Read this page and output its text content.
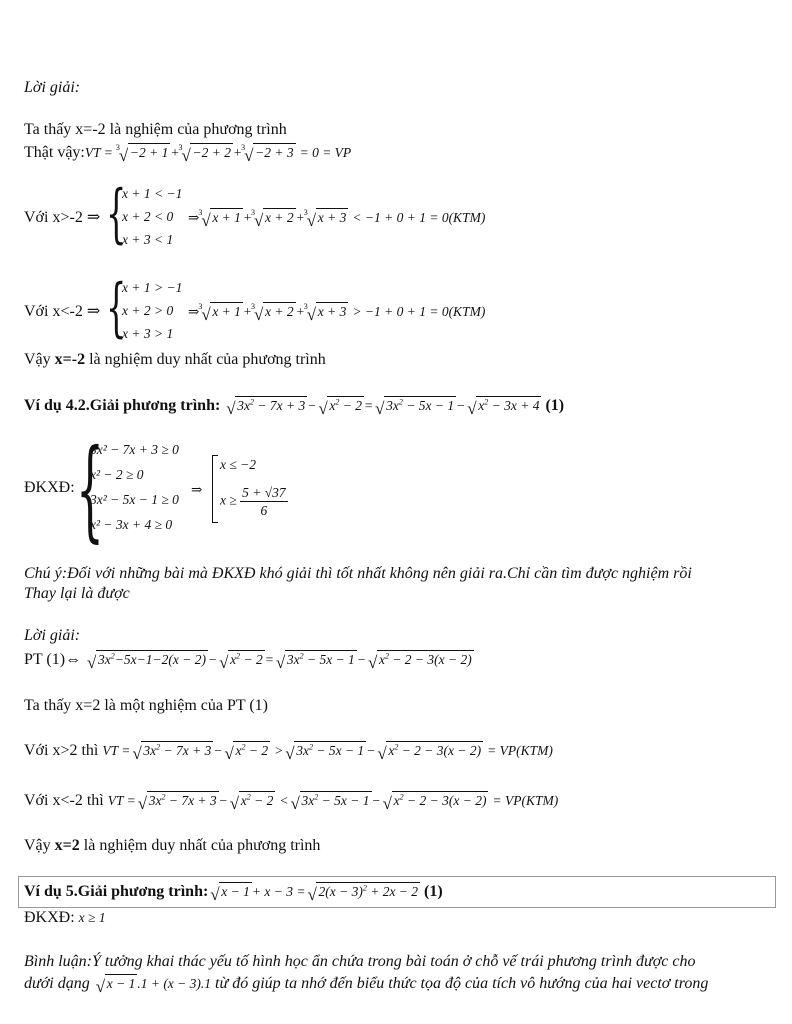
Lời giải:
Ta thấy x=-2 là nghiệm của phương trình
Thật vậy:VT = 3 √ −2 + 1 + 3 √ −2 + 2 + 3 √ −2 + 3 = 0 = VP
Với x>-2 ⇒ {
x + 1 < −1
x + 2 < 0
x + 3 < 1
⇒ 3 √ x + 1 + 3 √ x + 2 + 3 √ x + 3 < −1 + 0 + 1 = 0(KTM)
Với x<-2 ⇒ {
x + 1 > −1
x + 2 > 0
x + 3 > 1
⇒ 3 √ x + 1 + 3 √ x + 2 + 3 √ x + 3 > −1 + 0 + 1 = 0(KTM)
Vậy x=-2 là nghiệm duy nhất của phương trình
Ví dụ 4.2.Giải phương trình: √ $3x^2 - 7x + 3$ − √ $x^2 - 2$ = √ $3x^2 - 5x - 1$ − √ $x^2 - 3x + 4$ (1)
ĐKXĐ: {
3x² − 7x + 3 ≥ 0
x² − 2 ≥ 0
3x² − 5x − 1 ≥ 0
x² − 3x + 4 ≥ 0
⇒
x ≤ −2
$x \ge \frac{5 + √37}{6}$
Chú ý:Đối với những bài mà ĐKXĐ khó giải thì tốt nhất không nên giải ra.Chỉ cần tìm được nghiệm rồi
Thay lại là được
Lời giải:
PT (1)⇔ √ $3x^2-5x-1-2(x - 2)$ − √ $x^2 - 2$ = √ $3x^2 - 5x - 1$ − √ $x^2 - 2 - 3(x - 2)$
Ta thấy x=2 là một nghiệm của PT (1)
Với x>2 thì VT = √ $3x^2 - 7x + 3$ − √ $x^2 - 2$ > √ $3x^2 - 5x - 1$ − √ $x^2 - 2 - 3(x - 2) = VP(KTM)$
Với x<-2 thì VT = √ $3x^2 - 7x + 3$ − √ $x^2 - 2$ < √ $3x^2 - 5x - 1$ − √ $x^2 - 2 - 3(x - 2) = VP(KTM)$
Vậy x=2 là nghiệm duy nhất của phương trình
Ví dụ 5.Giải phương trình: √ x − 1 + x − 3 = √ $2(x - 3)^2 + 2x - 2$ (1)
ĐKXĐ: x ≥ 1
Bình luận:Ý tưởng khai thác yếu tố hình học ẩn chứa trong bài toán ở chỗ vế trái phương trình được cho
dưới dạng √ x − 1 .1 + (x − 3).1 từ đó giúp ta nhớ đến biểu thức tọa độ của tích vô hướng của hai vectơ trong
